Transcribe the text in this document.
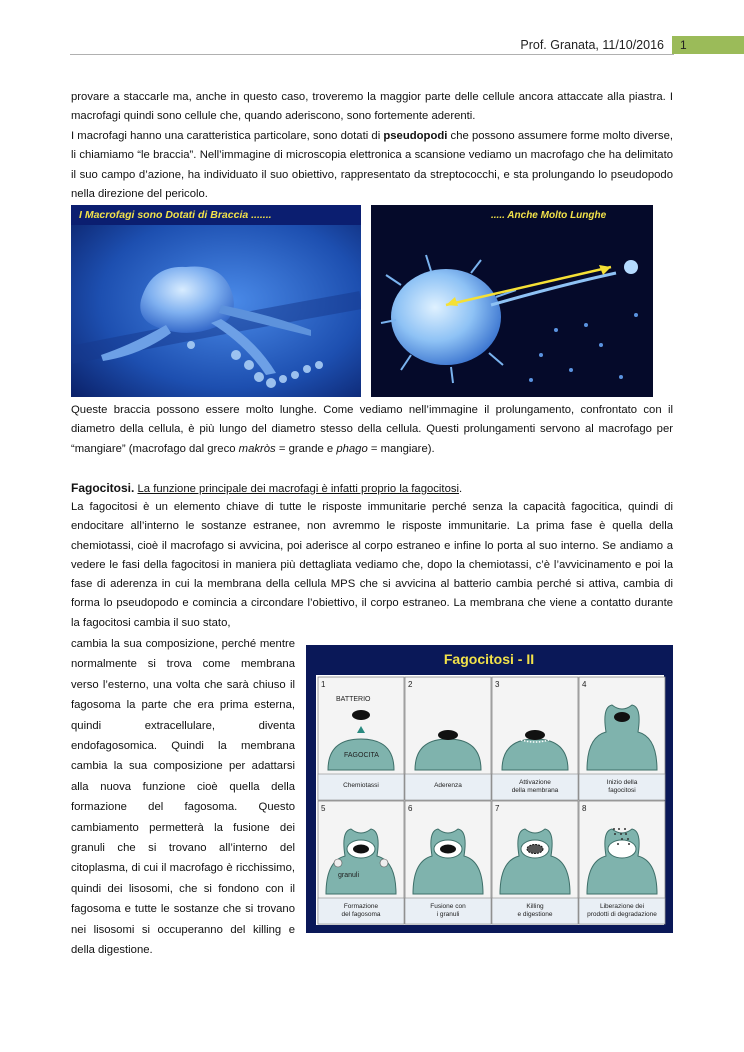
Prof. Granata, 11/10/2016	1

provare a staccarle ma, anche in questo caso, troveremo la maggior parte delle cellule ancora attaccate alla piastra. I macrofagi quindi sono cellule che, quando aderiscono, sono fortemente aderenti.

I macrofagi hanno una caratteristica particolare, sono dotati di pseudopodi che possono assumere forme molto diverse, li chiamiamo “le braccia”. Nell’immagine di microscopia elettronica a scansione vediamo un macrofago che ha delimitato il suo campo d’azione, ha individuato il suo obiettivo, rappresentato da streptococchi, e sta prolungando lo pseudopodo nella direzione del pericolo.

I Macrofagi sono Dotati di Braccia .......	..... Anche Molto Lunghe

Queste braccia possono essere molto lunghe. Come vediamo nell’immagine il prolungamento, confrontato con il diametro della cellula, è più lungo del diametro stesso della cellula. Questi prolungamenti servono al macrofago per “mangiare” (macrofago dal greco makròs = grande e phago = mangiare).

Fagocitosi. La funzione principale dei macrofagi è infatti proprio la fagocitosi.

La fagocitosi è un elemento chiave di tutte le risposte immunitarie perché senza la capacità fagocitica, quindi di endocitare all’interno le sostanze estranee, non avremmo le risposte immunitarie. La prima fase è quella della chemiotassi, cioè il macrofago si avvicina, poi aderisce al corpo estraneo e infine lo porta al suo interno. Se andiamo a vedere le fasi della fagocitosi in maniera più dettagliata vediamo che, dopo la chemiotassi, c’è l’avvicinamento e poi la fase di aderenza in cui la membrana della cellula MPS che si avvicina al batterio cambia perché si attiva, cambia di forma lo pseudopodo e comincia a circondare l’obiettivo, il corpo estraneo. La membrana che viene a contatto durante la fagocitosi cambia il suo stato,

cambia la sua composizione, perché mentre normalmente si trova come membrana verso l’esterno, una volta che sarà chiuso il fagosoma la parte che era prima esterna, quindi extracellulare, diventa endofagosomica. Quindi la membrana cambia la sua composizione per adattarsi alla nuova funzione cioè quella della formazione del fagosoma. Questo cambiamento permetterà la fusione dei granuli che si trovano all’interno del citoplasma, di cui il macrofago è ricchissimo, quindi dei lisosomi, che si fondono con il fagosoma e tutte le sostanze che si trovano nei lisosomi si occuperanno del killing e della digestione.

Fagocitosi - II
1
BATTERIO
FAGOCITA
Chemiotassi
2
Aderenza
3
Attivazione
della membrana
4
Inizio della
fagocitosi
5
granuli
Formazione
del fagosoma
6
Fusione con
i granuli
7
Killing
e digestione
8
Liberazione dei
prodotti di degradazione
